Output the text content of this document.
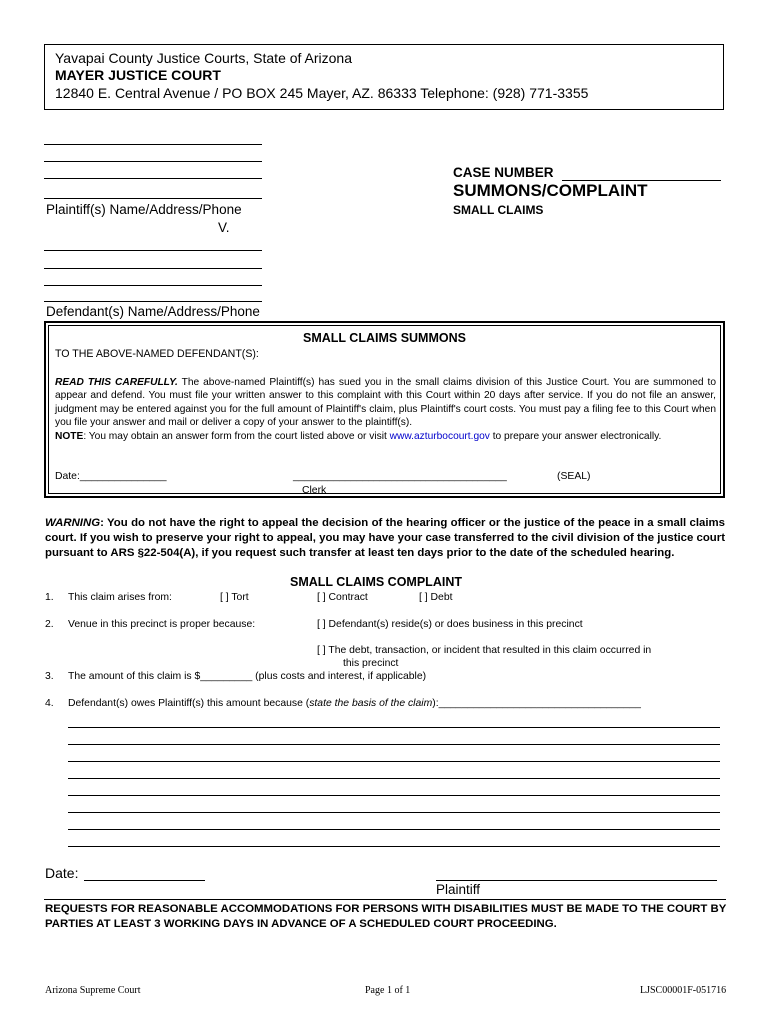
Yavapai County Justice Courts, State of Arizona
MAYER JUSTICE COURT
12840 E. Central Avenue / PO BOX 245 Mayer, AZ. 86333 Telephone: (928) 771-3355
Plaintiff(s) Name/Address/Phone
V.
Defendant(s) Name/Address/Phone
CASE NUMBER
SUMMONS/COMPLAINT
SMALL CLAIMS
SMALL CLAIMS SUMMONS
TO THE ABOVE-NAMED DEFENDANT(S):
READ THIS CAREFULLY. The above-named Plaintiff(s) has sued you in the small claims division of this Justice Court. You are summoned to appear and defend. You must file your written answer to this complaint with this Court within 20 days after service. If you do not file an answer, judgment may be entered against you for the full amount of Plaintiff's claim, plus Plaintiff's court costs. You must pay a filing fee to this Court when you file your answer and mail or deliver a copy of your answer to the plaintiff(s).
NOTE: You may obtain an answer form from the court listed above or visit www.azturbocourt.gov to prepare your answer electronically.
Date:_______________	_____________________________________	(SEAL)
Clerk
WARNING: You do not have the right to appeal the decision of the hearing officer or the justice of the peace in a small claims court. If you wish to preserve your right to appeal, you may have your case transferred to the civil division of the justice court pursuant to ARS §22-504(A), if you request such transfer at least ten days prior to the date of the scheduled hearing.
SMALL CLAIMS COMPLAINT
1. This claim arises from:	[ ] Tort	[ ] Contract	[ ] Debt
2. Venue in this precinct is proper because:	[ ] Defendant(s) reside(s) or does business in this precinct
[ ] The debt, transaction, or incident that resulted in this claim occurred in
this precinct
3. The amount of this claim is $_________ (plus costs and interest, if applicable)
4. Defendant(s) owes Plaintiff(s) this amount because (state the basis of the claim):___________________________________
Date:
Plaintiff
REQUESTS FOR REASONABLE ACCOMMODATIONS FOR PERSONS WITH DISABILITIES MUST BE MADE TO THE COURT BY PARTIES AT LEAST 3 WORKING DAYS IN ADVANCE OF A SCHEDULED COURT PROCEEDING.
Arizona Supreme Court	Page 1 of 1	LJSC00001F-051716
